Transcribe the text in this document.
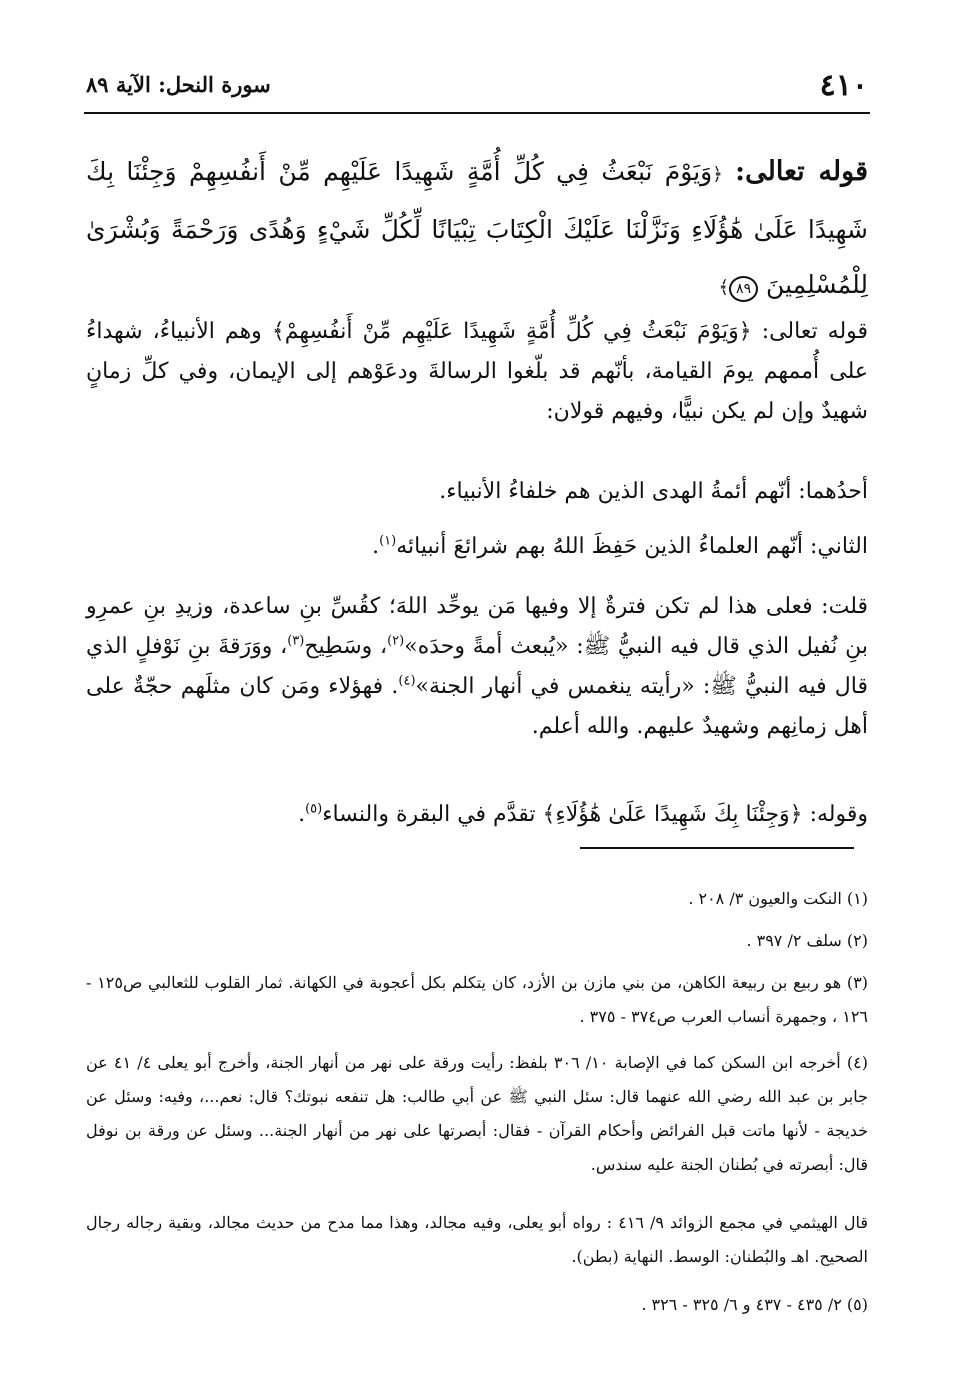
٤١٠
سورة النحل: الآية ٨٩
قوله تعالى: ﴿وَيَوْمَ نَبْعَثُ فِي كُلِّ أُمَّةٍ شَهِيدًا عَلَيْهِم مِّنْ أَنفُسِهِمْ وَجِئْنَا بِكَ شَهِيدًا عَلَىٰ هَٰؤُلَاءِ وَنَزَّلْنَا عَلَيْكَ الْكِتَابَ تِبْيَانًا لِّكُلِّ شَيْءٍ وَهُدًى وَرَحْمَةً وَبُشْرَىٰ لِلْمُسْلِمِينَ ٨٩﴾

قوله تعالى: ﴿وَيَوْمَ نَبْعَثُ فِي كُلِّ أُمَّةٍ شَهِيدًا عَلَيْهِم مِّنْ أَنفُسِهِمْ﴾ وهم الأنبياءُ، شهداءُ على أُممهم يومَ القيامة، بأنّهم قد بلّغوا الرسالةَ ودعَوْهم إلى الإيمان، وفي كلِّ زمانٍ شهيدٌ وإن لم يكن نبيًّا، وفيهم قولان:

أحدُهما: أنّهم أئمةُ الهدى الذين هم خلفاءُ الأنبياء.

الثاني: أنّهم العلماءُ الذين حَفِظَ اللهُ بهم شرائعَ أنبيائه$^{(١)}$.

قلت: فعلى هذا لم تكن فترةٌ إلا وفيها مَن يوحِّد اللهَ؛ كقُسِّ بنِ ساعدة، وزيدِ بنِ عمرِو بنِ نُفيل الذي قال فيه النبيُّ ﷺ: «يُبعث أمةً وحدَه»$^{(٢)}$، وسَطِيح$^{(٣)}$، ووَرَقةَ بنِ نَوْفلٍ الذي قال فيه النبيُّ ﷺ: «رأيته ينغمس في أنهار الجنة»$^{(٤)}$. فهؤلاء ومَن كان مثلَهم حجّةٌ على أهل زمانِهم وشهيدٌ عليهم. والله أعلم.

وقوله: ﴿وَجِئْنَا بِكَ شَهِيدًا عَلَىٰ هَٰؤُلَاءِ﴾ تقدَّم في البقرة والنساء$^{(٥)}$.

(١) النكت والعيون ٣/ ٢٠٨ .

(٢) سلف ٢/ ٣٩٧ .

(٣) هو ربيع بن ربيعة الكاهن، من بني مازن بن الأزد، كان يتكلم بكل أعجوبة في الكهانة. ثمار القلوب للثعالبي ص١٢٥ - ١٢٦ ، وجمهرة أنساب العرب ص٣٧٤ - ٣٧٥ .

(٤) أخرجه ابن السكن كما في الإصابة ١٠/ ٣٠٦ بلفظ: رأيت ورقة على نهر من أنهار الجنة، وأخرج أبو يعلى ٤/ ٤١ عن جابر بن عبد الله رضي الله عنهما قال: سئل النبي ﷺ عن أبي طالب: هل تنفعه نبوتك؟ قال: نعم...، وفيه: وسئل عن خديجة - لأنها ماتت قبل الفرائض وأحكام القرآن - فقال: أبصرتها على نهر من أنهار الجنة... وسئل عن ورقة بن نوفل قال: أبصرته في بُطنان الجنة عليه سندس.

قال الهيثمي في مجمع الزوائد ٩/ ٤١٦ : رواه أبو يعلى، وفيه مجالد، وهذا مما مدح من حديث مجالد، وبقية رجاله رجال الصحيح. اهـ والبُطنان: الوسط. النهاية (بطن).

(٥) ٢/ ٤٣٥ - ٤٣٧ و ٦/ ٣٢٥ - ٣٢٦ .
